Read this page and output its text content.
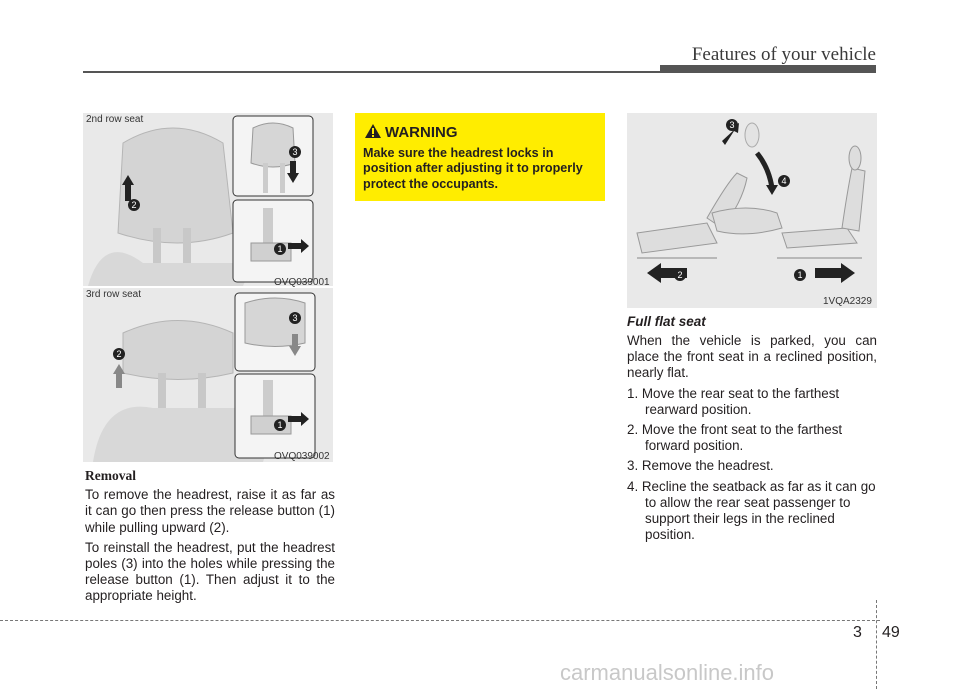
Features of your vehicle
2
3
1
2nd row seat
OVQ039001
2
3
1
3rd row seat
OVQ039002
Removal

To remove the headrest, raise it as far as it can go then press the release button (1) while pulling upward (2).

To reinstall the headrest, put the headrest poles (3) into the holes while pressing the release button (1). Then adjust it to the appropriate height.

WARNING
Make sure the headrest locks in position after adjusting it to properly protect the occupants.
3
4
2	1
1VQA2329
Full flat seat

When the vehicle is parked, you can place the front seat in a reclined position, nearly flat.

1. Move the rear seat to the farthest rearward position.

2. Move the front seat to the farthest forward position.

3. Remove the headrest.

4. Recline the seatback as far as it can go to allow the rear seat passenger to support their legs in the reclined position.

3 49
carmanualsonline.info
